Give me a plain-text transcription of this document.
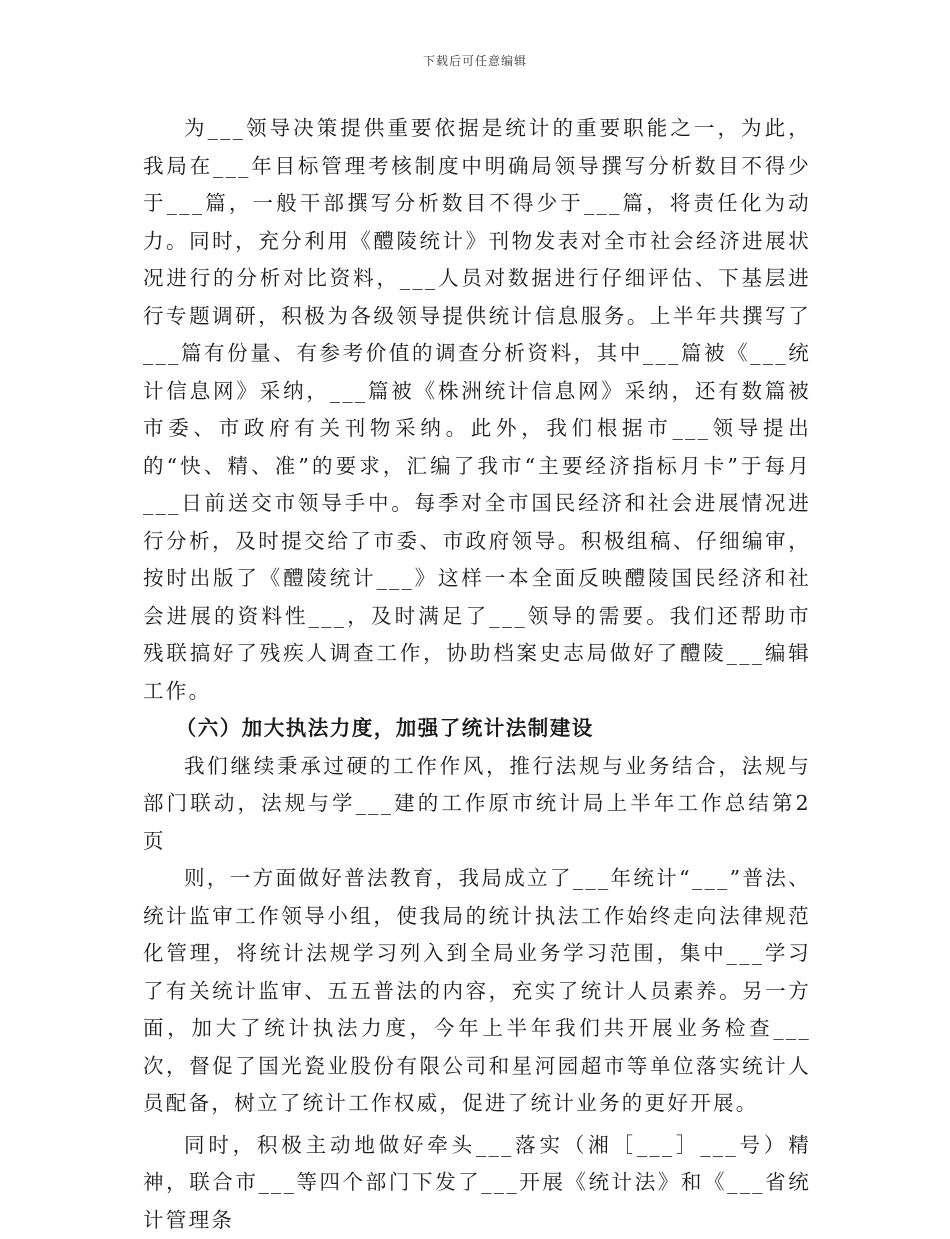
下载后可任意编辑

为___领导决策提供重要依据是统计的重要职能之一，为此，我局在___年目标管理考核制度中明确局领导撰写分析数目不得少于___篇，一般干部撰写分析数目不得少于___篇，将责任化为动力。同时，充分利用《醴陵统计》刊物发表对全市社会经济进展状况进行的分析对比资料，___人员对数据进行仔细评估、下基层进行专题调研，积极为各级领导提供统计信息服务。上半年共撰写了___篇有份量、有参考价值的调查分析资料，其中___篇被《___统计信息网》采纳，___篇被《株洲统计信息网》采纳，还有数篇被市委、市政府有关刊物采纳。此外，我们根据市___领导提出的“快、精、准”的要求，汇编了我市“主要经济指标月卡”于每月___日前送交市领导手中。每季对全市国民经济和社会进展情况进行分析，及时提交给了市委、市政府领导。积极组稿、仔细编审，按时出版了《醴陵统计___》这样一本全面反映醴陵国民经济和社会进展的资料性___，及时满足了___领导的需要。我们还帮助市残联搞好了残疾人调查工作，协助档案史志局做好了醴陵___编辑工作。

（六）加大执法力度，加强了统计法制建设

我们继续秉承过硬的工作作风，推行法规与业务结合，法规与部门联动，法规与学___建的工作原市统计局上半年工作总结第2页

则，一方面做好普法教育，我局成立了___年统计“___”普法、统计监审工作领导小组，使我局的统计执法工作始终走向法律规范化管理，将统计法规学习列入到全局业务学习范围，集中___学习了有关统计监审、五五普法的内容，充实了统计人员素养。另一方面，加大了统计执法力度，今年上半年我们共开展业务检查___次，督促了国光瓷业股份有限公司和星河园超市等单位落实统计人员配备，树立了统计工作权威，促进了统计业务的更好开展。

同时，积极主动地做好牵头___落实（湘［___］___号）精神，联合市___等四个部门下发了___开展《统计法》和《___省统计管理条
